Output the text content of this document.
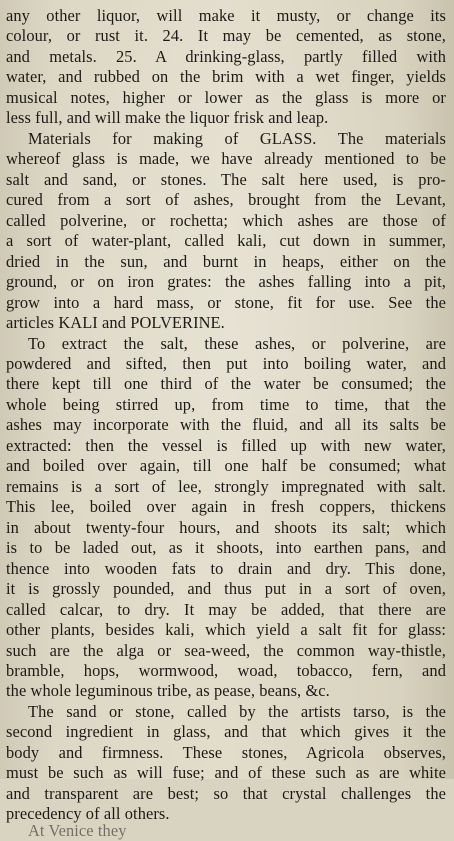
any other liquor, will make it musty, or change its
colour, or rust it. 24. It may be cemented, as stone,
and metals. 25. A drinking-glass, partly filled with
water, and rubbed on the brim with a wet finger, yields
musical notes, higher or lower as the glass is more or
less full, and will make the liquor frisk and leap.
Materials for making of GLASS. The materials
whereof glass is made, we have already mentioned to be
salt and sand, or stones. The salt here used, is pro-
cured from a sort of ashes, brought from the Levant,
called polverine, or rochetta; which ashes are those of
a sort of water-plant, called kali, cut down in summer,
dried in the sun, and burnt in heaps, either on the
ground, or on iron grates: the ashes falling into a pit,
grow into a hard mass, or stone, fit for use. See the
articles KALI and POLVERINE.
To extract the salt, these ashes, or polverine, are
powdered and sifted, then put into boiling water, and
there kept till one third of the water be consumed; the
whole being stirred up, from time to time, that the
ashes may incorporate with the fluid, and all its salts be
extracted: then the vessel is filled up with new water,
and boiled over again, till one half be consumed; what
remains is a sort of lee, strongly impregnated with salt.
This lee, boiled over again in fresh coppers, thickens
in about twenty-four hours, and shoots its salt; which
is to be laded out, as it shoots, into earthen pans, and
thence into wooden fats to drain and dry. This done,
it is grossly pounded, and thus put in a sort of oven,
called calcar, to dry. It may be added, that there are
other plants, besides kali, which yield a salt fit for glass:
such are the alga or sea-weed, the common way-thistle,
bramble, hops, wormwood, woad, tobacco, fern, and
the whole leguminous tribe, as pease, beans, &c.
The sand or stone, called by the artists tarso, is the
second ingredient in glass, and that which gives it the
body and firmness. These stones, Agricola observes,
must be such as will fuse; and of these such as are white
and transparent are best; so that crystal challenges the
precedency of all others.
At Venice they
